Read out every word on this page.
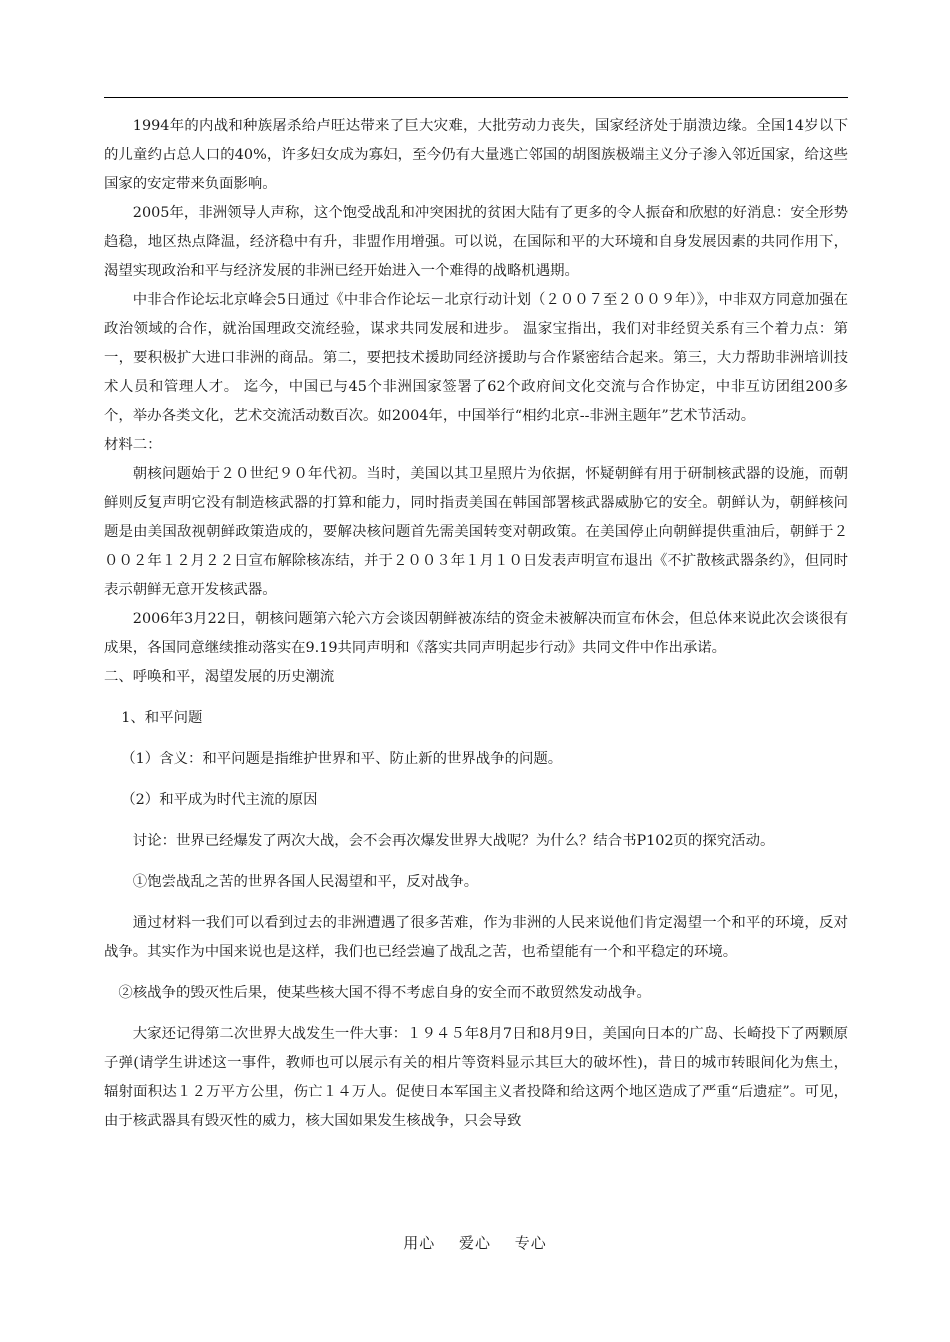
1994年的内战和种族屠杀给卢旺达带来了巨大灾难，大批劳动力丧失，国家经济处于崩溃边缘。全国14岁以下的儿童约占总人口的40%，许多妇女成为寡妇，至今仍有大量逃亡邻国的胡图族极端主义分子渗入邻近国家，给这些国家的安定带来负面影响。

2005年，非洲领导人声称，这个饱受战乱和冲突困扰的贫困大陆有了更多的令人振奋和欣慰的好消息：安全形势趋稳，地区热点降温，经济稳中有升，非盟作用增强。可以说，在国际和平的大环境和自身发展因素的共同作用下，渴望实现政治和平与经济发展的非洲已经开始进入一个难得的战略机遇期。

中非合作论坛北京峰会5日通过《中非合作论坛－北京行动计划（２００７至２００９年）》，中非双方同意加强在政治领域的合作，就治国理政交流经验，谋求共同发展和进步。 温家宝指出，我们对非经贸关系有三个着力点：第一，要积极扩大进口非洲的商品。第二，要把技术援助同经济援助与合作紧密结合起来。第三，大力帮助非洲培训技术人员和管理人才。 迄今，中国已与45个非洲国家签署了62个政府间文化交流与合作协定，中非互访团组200多个，举办各类文化，艺术交流活动数百次。如2004年，中国举行“相约北京--非洲主题年”艺术节活动。

材料二：

朝核问题始于２０世纪９０年代初。当时，美国以其卫星照片为依据，怀疑朝鲜有用于研制核武器的设施，而朝鲜则反复声明它没有制造核武器的打算和能力，同时指责美国在韩国部署核武器威胁它的安全。朝鲜认为，朝鲜核问题是由美国敌视朝鲜政策造成的，要解决核问题首先需美国转变对朝政策。在美国停止向朝鲜提供重油后，朝鲜于２００２年１２月２２日宣布解除核冻结，并于２００３年１月１０日发表声明宣布退出《不扩散核武器条约》，但同时表示朝鲜无意开发核武器。

2006年3月22日，朝核问题第六轮六方会谈因朝鲜被冻结的资金未被解决而宣布休会，但总体来说此次会谈很有成果，各国同意继续推动落实在9.19共同声明和《落实共同声明起步行动》共同文件中作出承诺。

二、呼唤和平，渴望发展的历史潮流

1、和平问题

（1）含义：和平问题是指维护世界和平、防止新的世界战争的问题。

（2）和平成为时代主流的原因

讨论：世界已经爆发了两次大战，会不会再次爆发世界大战呢？为什么？结合书P102页的探究活动。

①饱尝战乱之苦的世界各国人民渴望和平，反对战争。

通过材料一我们可以看到过去的非洲遭遇了很多苦难，作为非洲的人民来说他们肯定渴望一个和平的环境，反对战争。其实作为中国来说也是这样，我们也已经尝遍了战乱之苦，也希望能有一个和平稳定的环境。

②核战争的毁灭性后果，使某些核大国不得不考虑自身的安全而不敢贸然发动战争。

大家还记得第二次世界大战发生一件大事：１９４５年8月7日和8月9日，美国向日本的广岛、长崎投下了两颗原子弹(请学生讲述这一事件，教师也可以展示有关的相片等资料显示其巨大的破坏性)，昔日的城市转眼间化为焦土，辐射面积达１２万平方公里，伤亡１４万人。促使日本军国主义者投降和给这两个地区造成了严重“后遗症”。可见，由于核武器具有毁灭性的威力，核大国如果发生核战争，只会导致

用心 爱心 专心
